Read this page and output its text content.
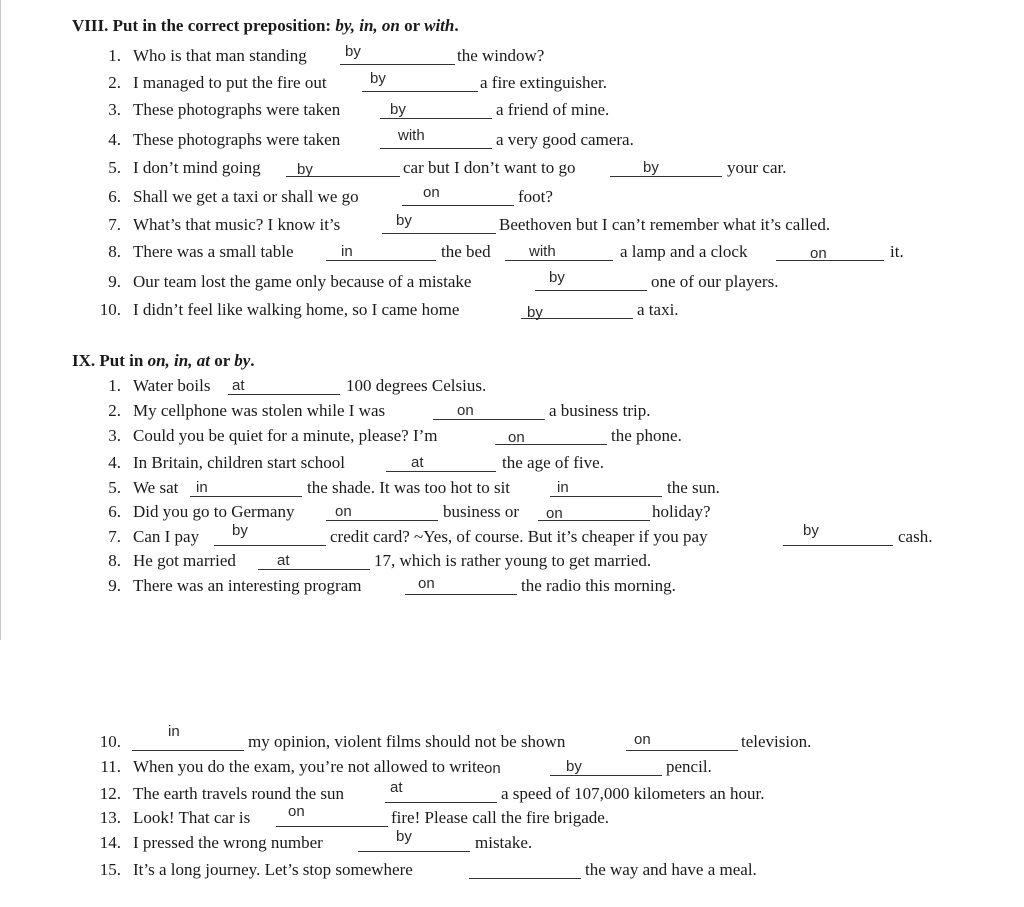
VIII. Put in the correct preposition: by, in, on or with.
1. Who is that man standing	the window?
by
2. I managed to put the fire out	a fire extinguisher.
by
3. These photographs were taken	a friend of mine.
by
4. These photographs were taken	a very good camera.
with
5. I don’t mind going	car but I don’t want to go	your car.
by	by
6. Shall we get a taxi or shall we go	foot?
on
7. What’s that music? I know it’s	Beethoven but I can’t remember what it’s called.
by
8. There was a small table	the bed	a lamp and a clock	it.
in	with	on
9. Our team lost the game only because of a mistake	one of our players.
by
10. I didn’t feel like walking home, so I came home	a taxi.
by
IX. Put in on, in, at or by.
1. Water boils	100 degrees Celsius.
at
2. My cellphone was stolen while I was	a business trip.
on
3. Could you be quiet for a minute, please? I’m	the phone.
on
4. In Britain, children start school	the age of five.
at
5. We sat	the shade. It was too hot to sit	the sun.
in	in
6. Did you go to Germany	business or	holiday?
on	on
7. Can I pay	credit card? ~Yes, of course. But it’s cheaper if you pay	cash.
by	by
8. He got married	17, which is rather young to get married.
at
9. There was an interesting program	the radio this morning.
on
10.	my opinion, violent films should not be shown	television.
in	on
11. When you do the exam, you’re not allowed to write	pencil.
by
on
12. The earth travels round the sun	a speed of 107,000 kilometers an hour.
at
13. Look! That car is	fire! Please call the fire brigade.
on
14. I pressed the wrong number	mistake.
by
15. It’s a long journey. Let’s stop somewhere	the way and have a meal.
